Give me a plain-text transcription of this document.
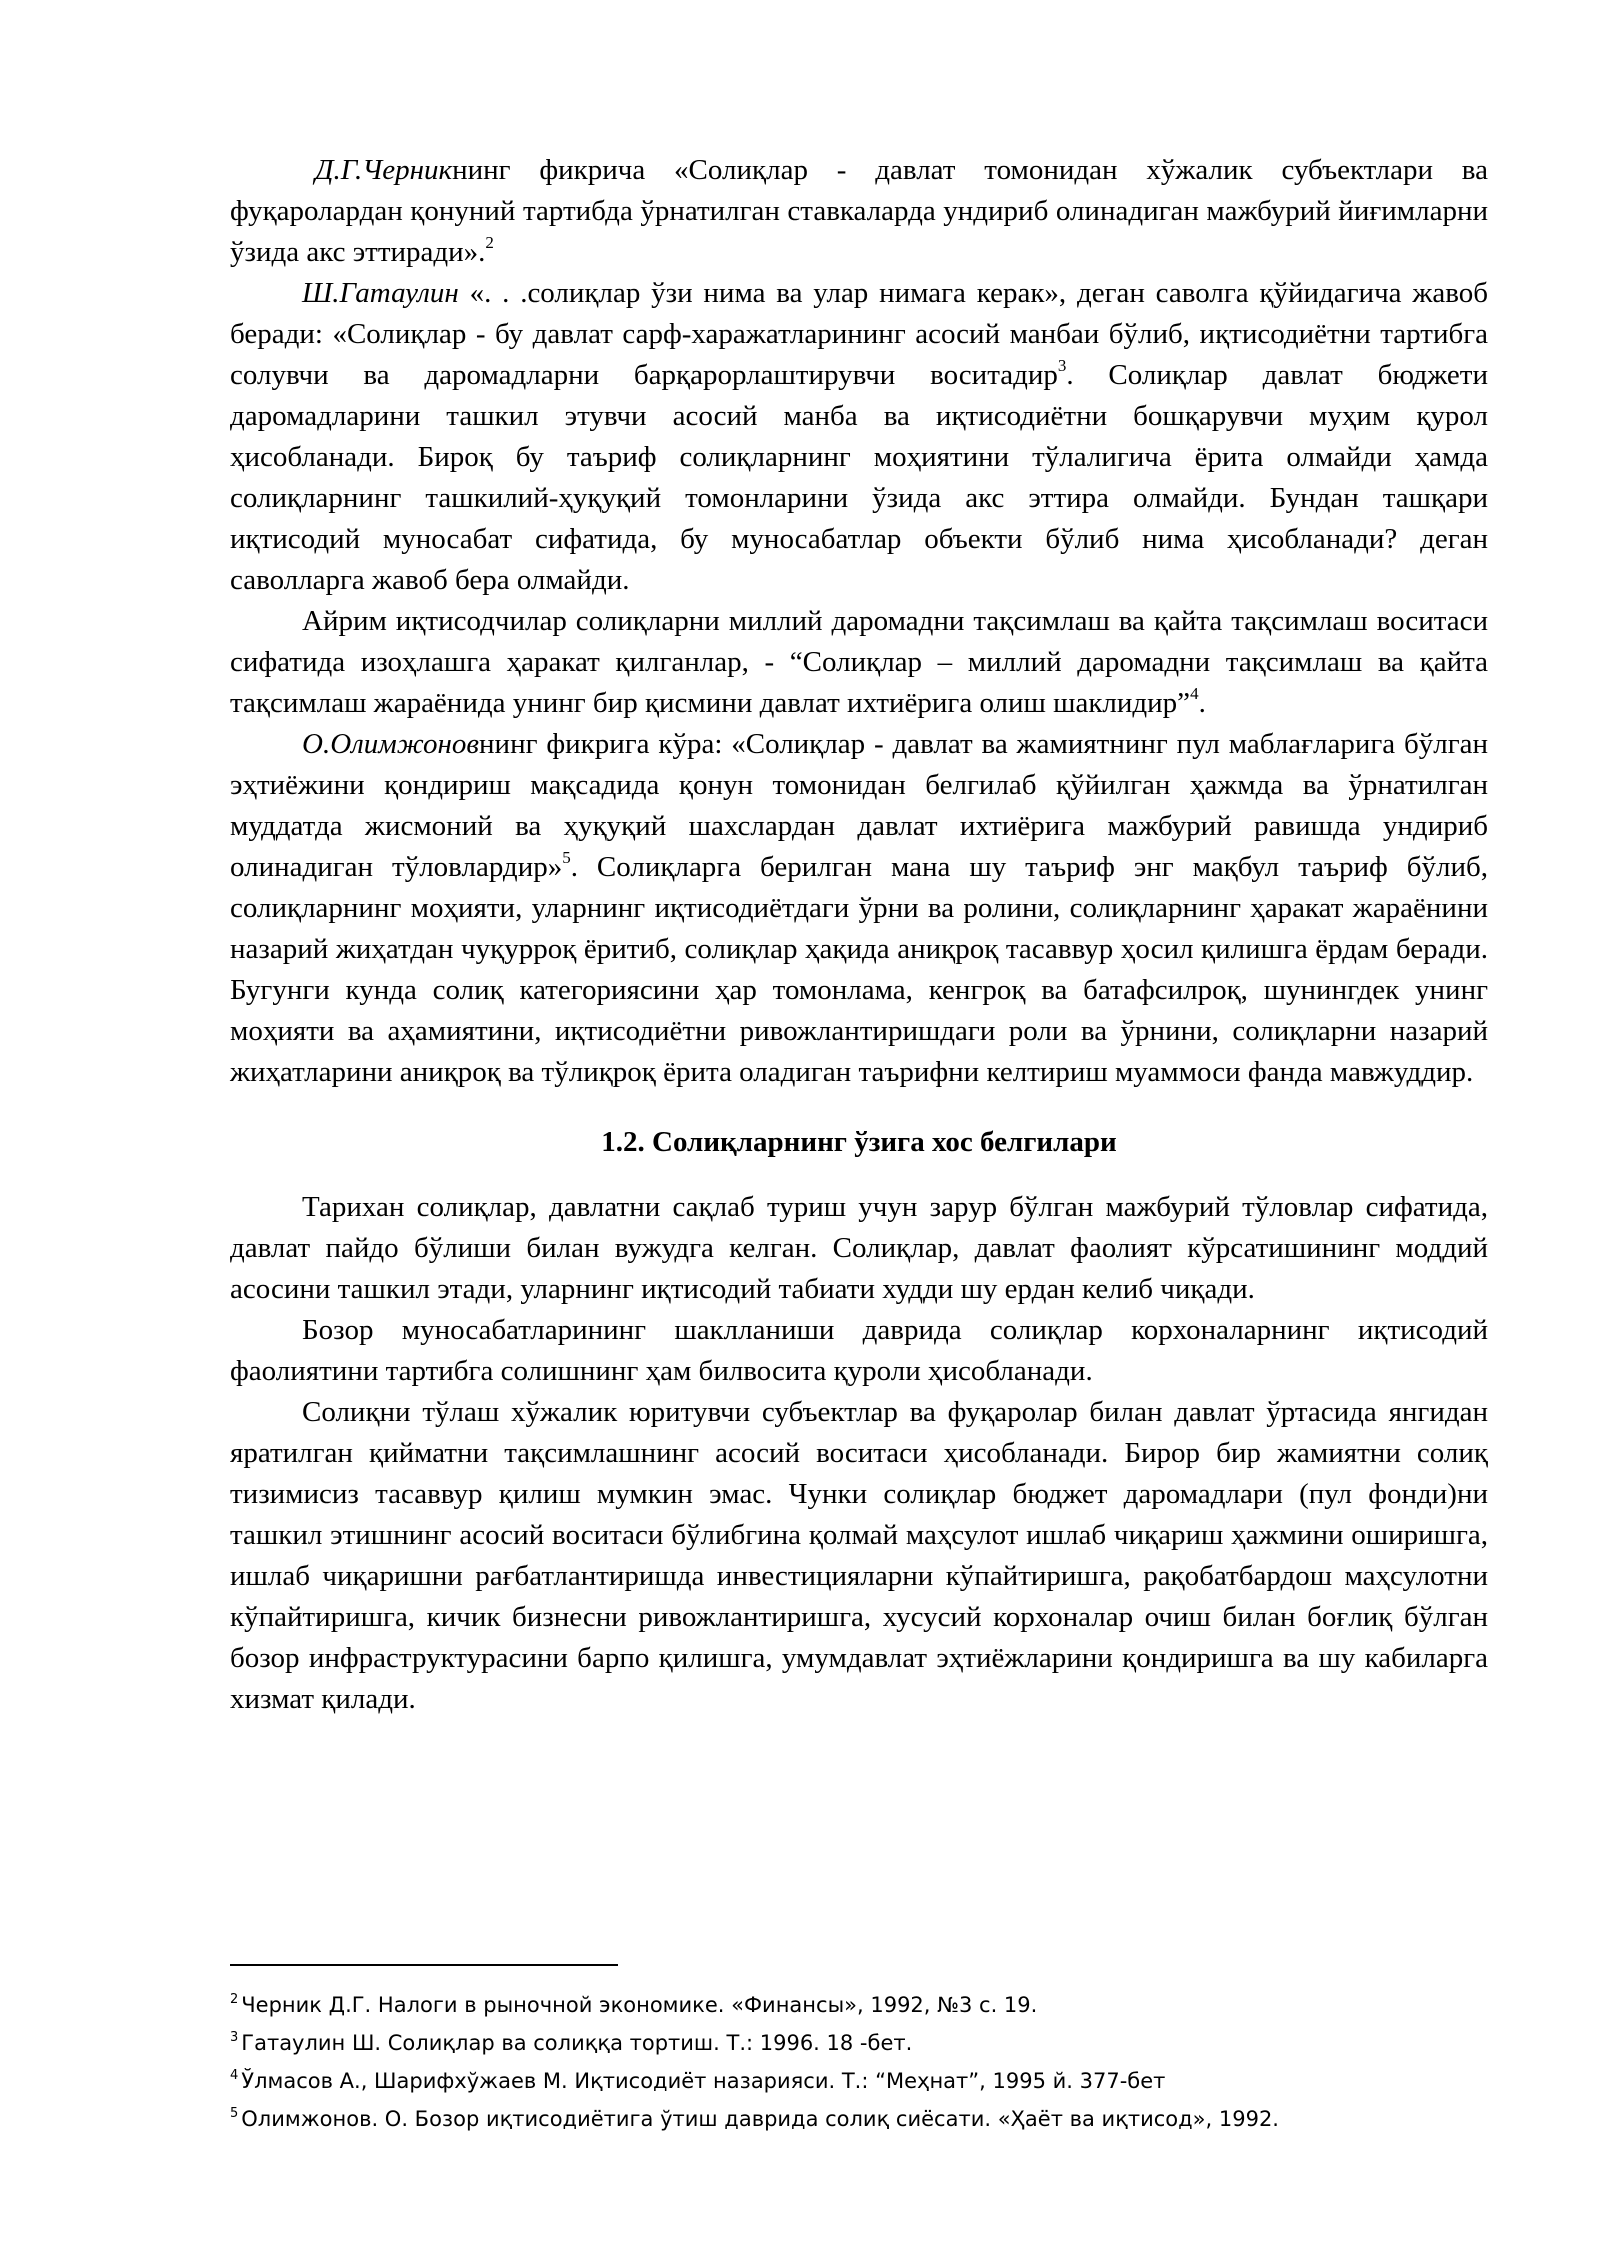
Д.Г.Черникнинг фикрича «Солиқлар - давлат томонидан хўжалик субъектлари ва фуқаролардан қонуний тартибда ўрнатилган ставкаларда ундириб олинадиган мажбурий йиғимларни ўзида акс эттиради».$^2$

Ш.Гатаулин «. . .солиқлар ўзи нима ва улар нимага керак», деган саволга қўйидагича жавоб беради: «Солиқлар - бу давлат сарф-харажатларининг асосий манбаи бўлиб, иқтисодиётни тартибга солувчи ва даромадларни барқарорлаштирувчи воситадир$^3$. Солиқлар давлат бюджети даромадларини ташкил этувчи асосий манба ва иқтисодиётни бошқарувчи муҳим қурол ҳисобланади. Бироқ бу таъриф солиқларнинг моҳиятини тўлалигича ёрита олмайди ҳамда солиқларнинг ташкилий-ҳуқуқий томонларини ўзида акс эттира олмайди. Бундан ташқари иқтисодий муносабат сифатида, бу муносабатлар объекти бўлиб нима ҳисобланади? деган саволларга жавоб бера олмайди.

Айрим иқтисодчилар солиқларни миллий даромадни тақсимлаш ва қайта тақсимлаш воситаси сифатида изоҳлашга ҳаракат қилганлар, - “Солиқлар – миллий даромадни тақсимлаш ва қайта тақсимлаш жараёнида унинг бир қисмини давлат ихтиёрига олиш шаклидир”$^4$.

О.Олимжоновнинг фикрига кўра: «Солиқлар - давлат ва жамиятнинг пул маблағларига бўлган эҳтиёжини қондириш мақсадида қонун томонидан белгилаб қўйилган ҳажмда ва ўрнатилган муддатда жисмоний ва ҳуқуқий шахслардан давлат ихтиёрига мажбурий равишда ундириб олинадиган тўловлардир»$^5$. Солиқларга берилган мана шу таъриф энг мақбул таъриф бўлиб, солиқларнинг моҳияти, уларнинг иқтисодиётдаги ўрни ва ролини, солиқларнинг ҳаракат жараёнини назарий жиҳатдан чуқурроқ ёритиб, солиқлар ҳақида аниқроқ тасаввур ҳосил қилишга ёрдам беради. Бугунги кунда солиқ категориясини ҳар томонлама, кенгроқ ва батафсилроқ, шунингдек унинг моҳияти ва аҳамиятини, иқтисодиётни ривожлантиришдаги роли ва ўрнини, солиқларни назарий жиҳатларини аниқроқ ва тўлиқроқ ёрита оладиган таърифни келтириш муаммоси фанда мавжуддир.

1.2. Солиқларнинг ўзига хос белгилари

Тарихан солиқлар, давлатни сақлаб туриш учун зарур бўлган мажбурий тўловлар сифатида, давлат пайдо бўлиши билан вужудга келган. Солиқлар, давлат фаолият кўрсатишининг моддий асосини ташкил этади, уларнинг иқтисодий табиати худди шу ердан келиб чиқади.

Бозор муносабатларининг шаклланиши даврида солиқлар корхоналарнинг иқтисодий фаолиятини тартибга солишнинг ҳам билвосита қуроли ҳисобланади.

Солиқни тўлаш хўжалик юритувчи субъектлар ва фуқаролар билан давлат ўртасида янгидан яратилган қийматни тақсимлашнинг асосий воситаси ҳисобланади. Бирор бир жамиятни солиқ тизимисиз тасаввур қилиш мумкин эмас. Чунки солиқлар бюджет даромадлари (пул фонди)ни ташкил этишнинг асосий воситаси бўлибгина қолмай маҳсулот ишлаб чиқариш ҳажмини оширишга, ишлаб чиқаришни рағбатлантиришда инвестицияларни кўпайтиришга, рақобатбардош маҳсулотни кўпайтиришга, кичик бизнесни ривожлантиришга, хусусий корхоналар очиш билан боғлиқ бўлган бозор инфраструктурасини барпо қилишга, умумдавлат эҳтиёжларини қондиришга ва шу кабиларга хизмат қилади.

$^2$ Черник Д.Г. Налоги в рыночной экономике. «Финансы», 1992, №3 с. 19.

$^3$ Гатаулин Ш. Солиқлар ва солиққа тортиш. Т.: 1996. 18 -бет.

$^4$ Ўлмасов А., Шарифхўжаев М. Иқтисодиёт назарияси. Т.: “Меҳнат”, 1995 й. 377-бет

$^5$ Олимжонов. О. Бозор иқтисодиётига ўтиш даврида солиқ сиёсати. «Ҳаёт ва иқтисод», 1992.
